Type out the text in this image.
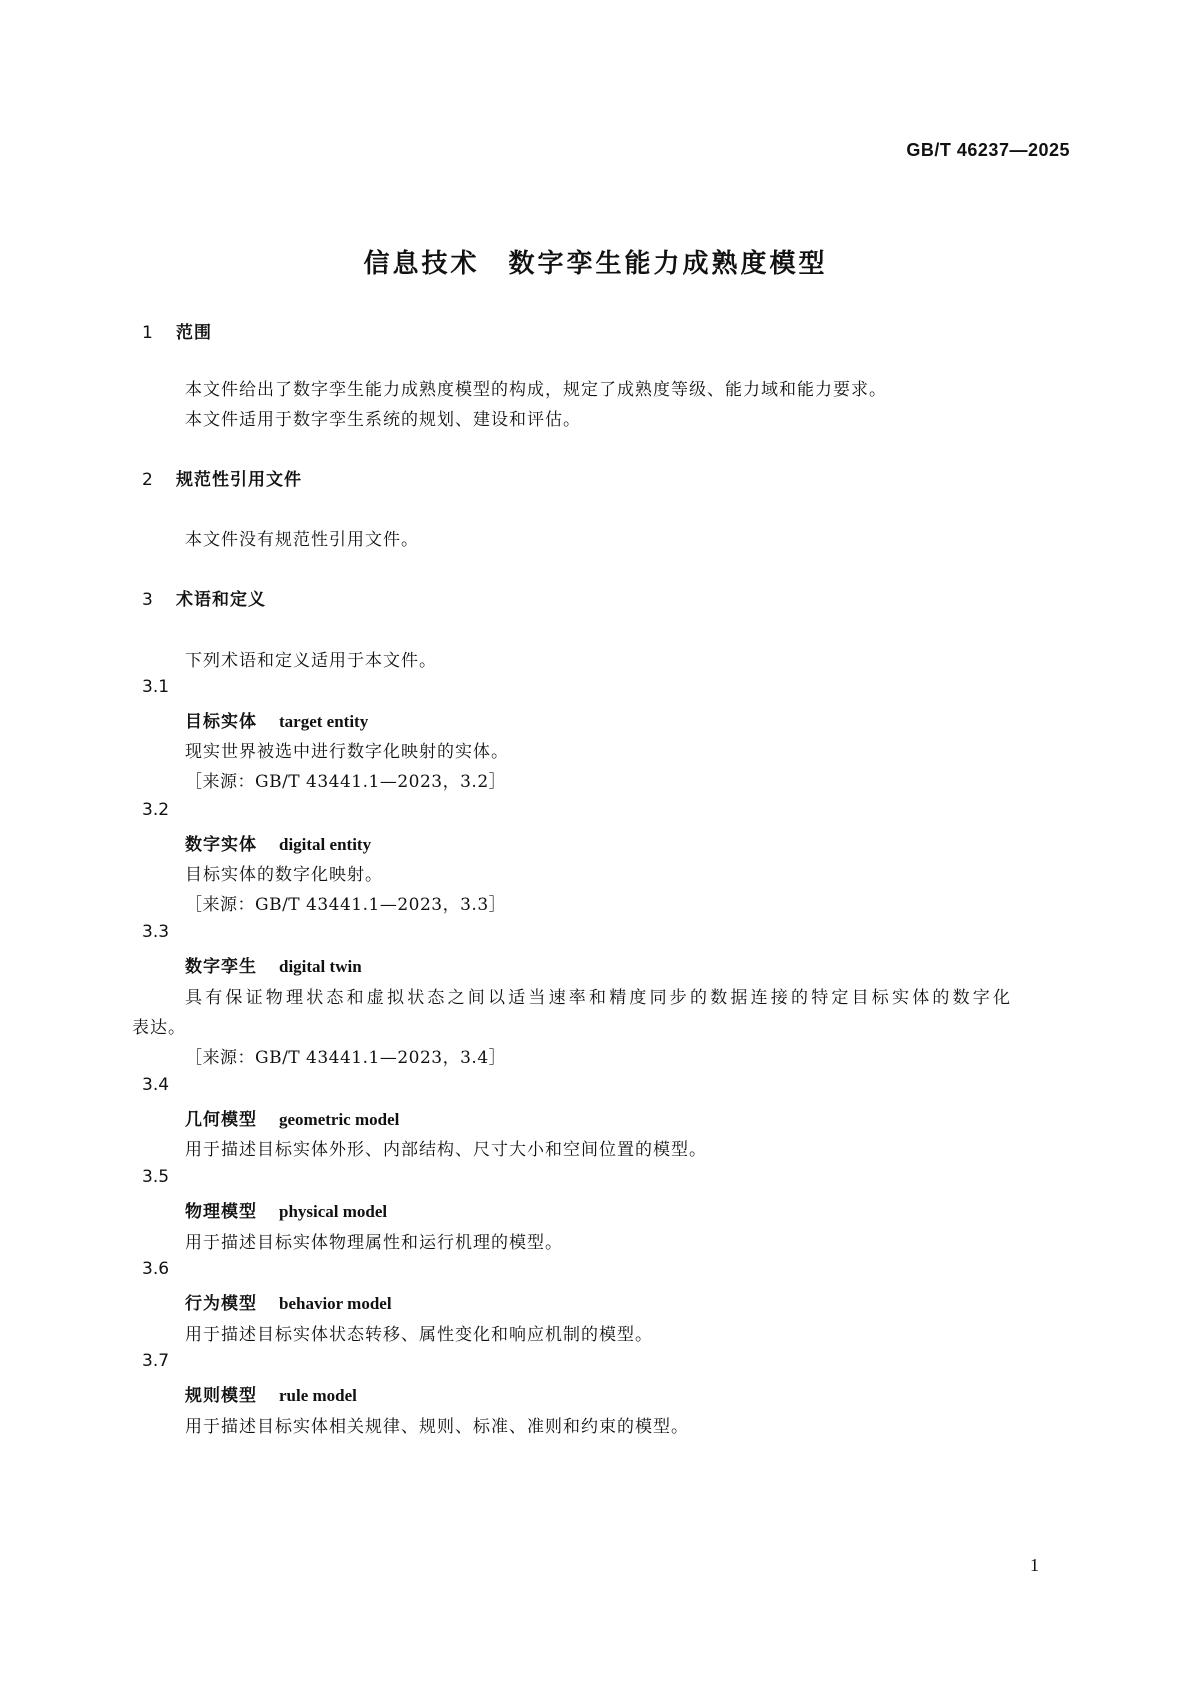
GB/T 46237—2025
信息技术　数字孪生能力成熟度模型
1 范围
本文件给出了数字孪生能力成熟度模型的构成，规定了成熟度等级、能力域和能力要求。
本文件适用于数字孪生系统的规划、建设和评估。
2 规范性引用文件
本文件没有规范性引用文件。
3 术语和定义
下列术语和定义适用于本文件。
3.1
目标实体 target entity
现实世界被选中进行数字化映射的实体。
［来源：GB/T 43441.1—2023，3.2］
3.2
数字实体 digital entity
目标实体的数字化映射。
［来源：GB/T 43441.1—2023，3.3］
3.3
数字孪生 digital twin
具有保证物理状态和虚拟状态之间以适当速率和精度同步的数据连接的特定目标实体的数字化
表达。
［来源：GB/T 43441.1—2023，3.4］
3.4
几何模型 geometric model
用于描述目标实体外形、内部结构、尺寸大小和空间位置的模型。
3.5
物理模型 physical model
用于描述目标实体物理属性和运行机理的模型。
3.6
行为模型 behavior model
用于描述目标实体状态转移、属性变化和响应机制的模型。
3.7
规则模型 rule model
用于描述目标实体相关规律、规则、标准、准则和约束的模型。
1
